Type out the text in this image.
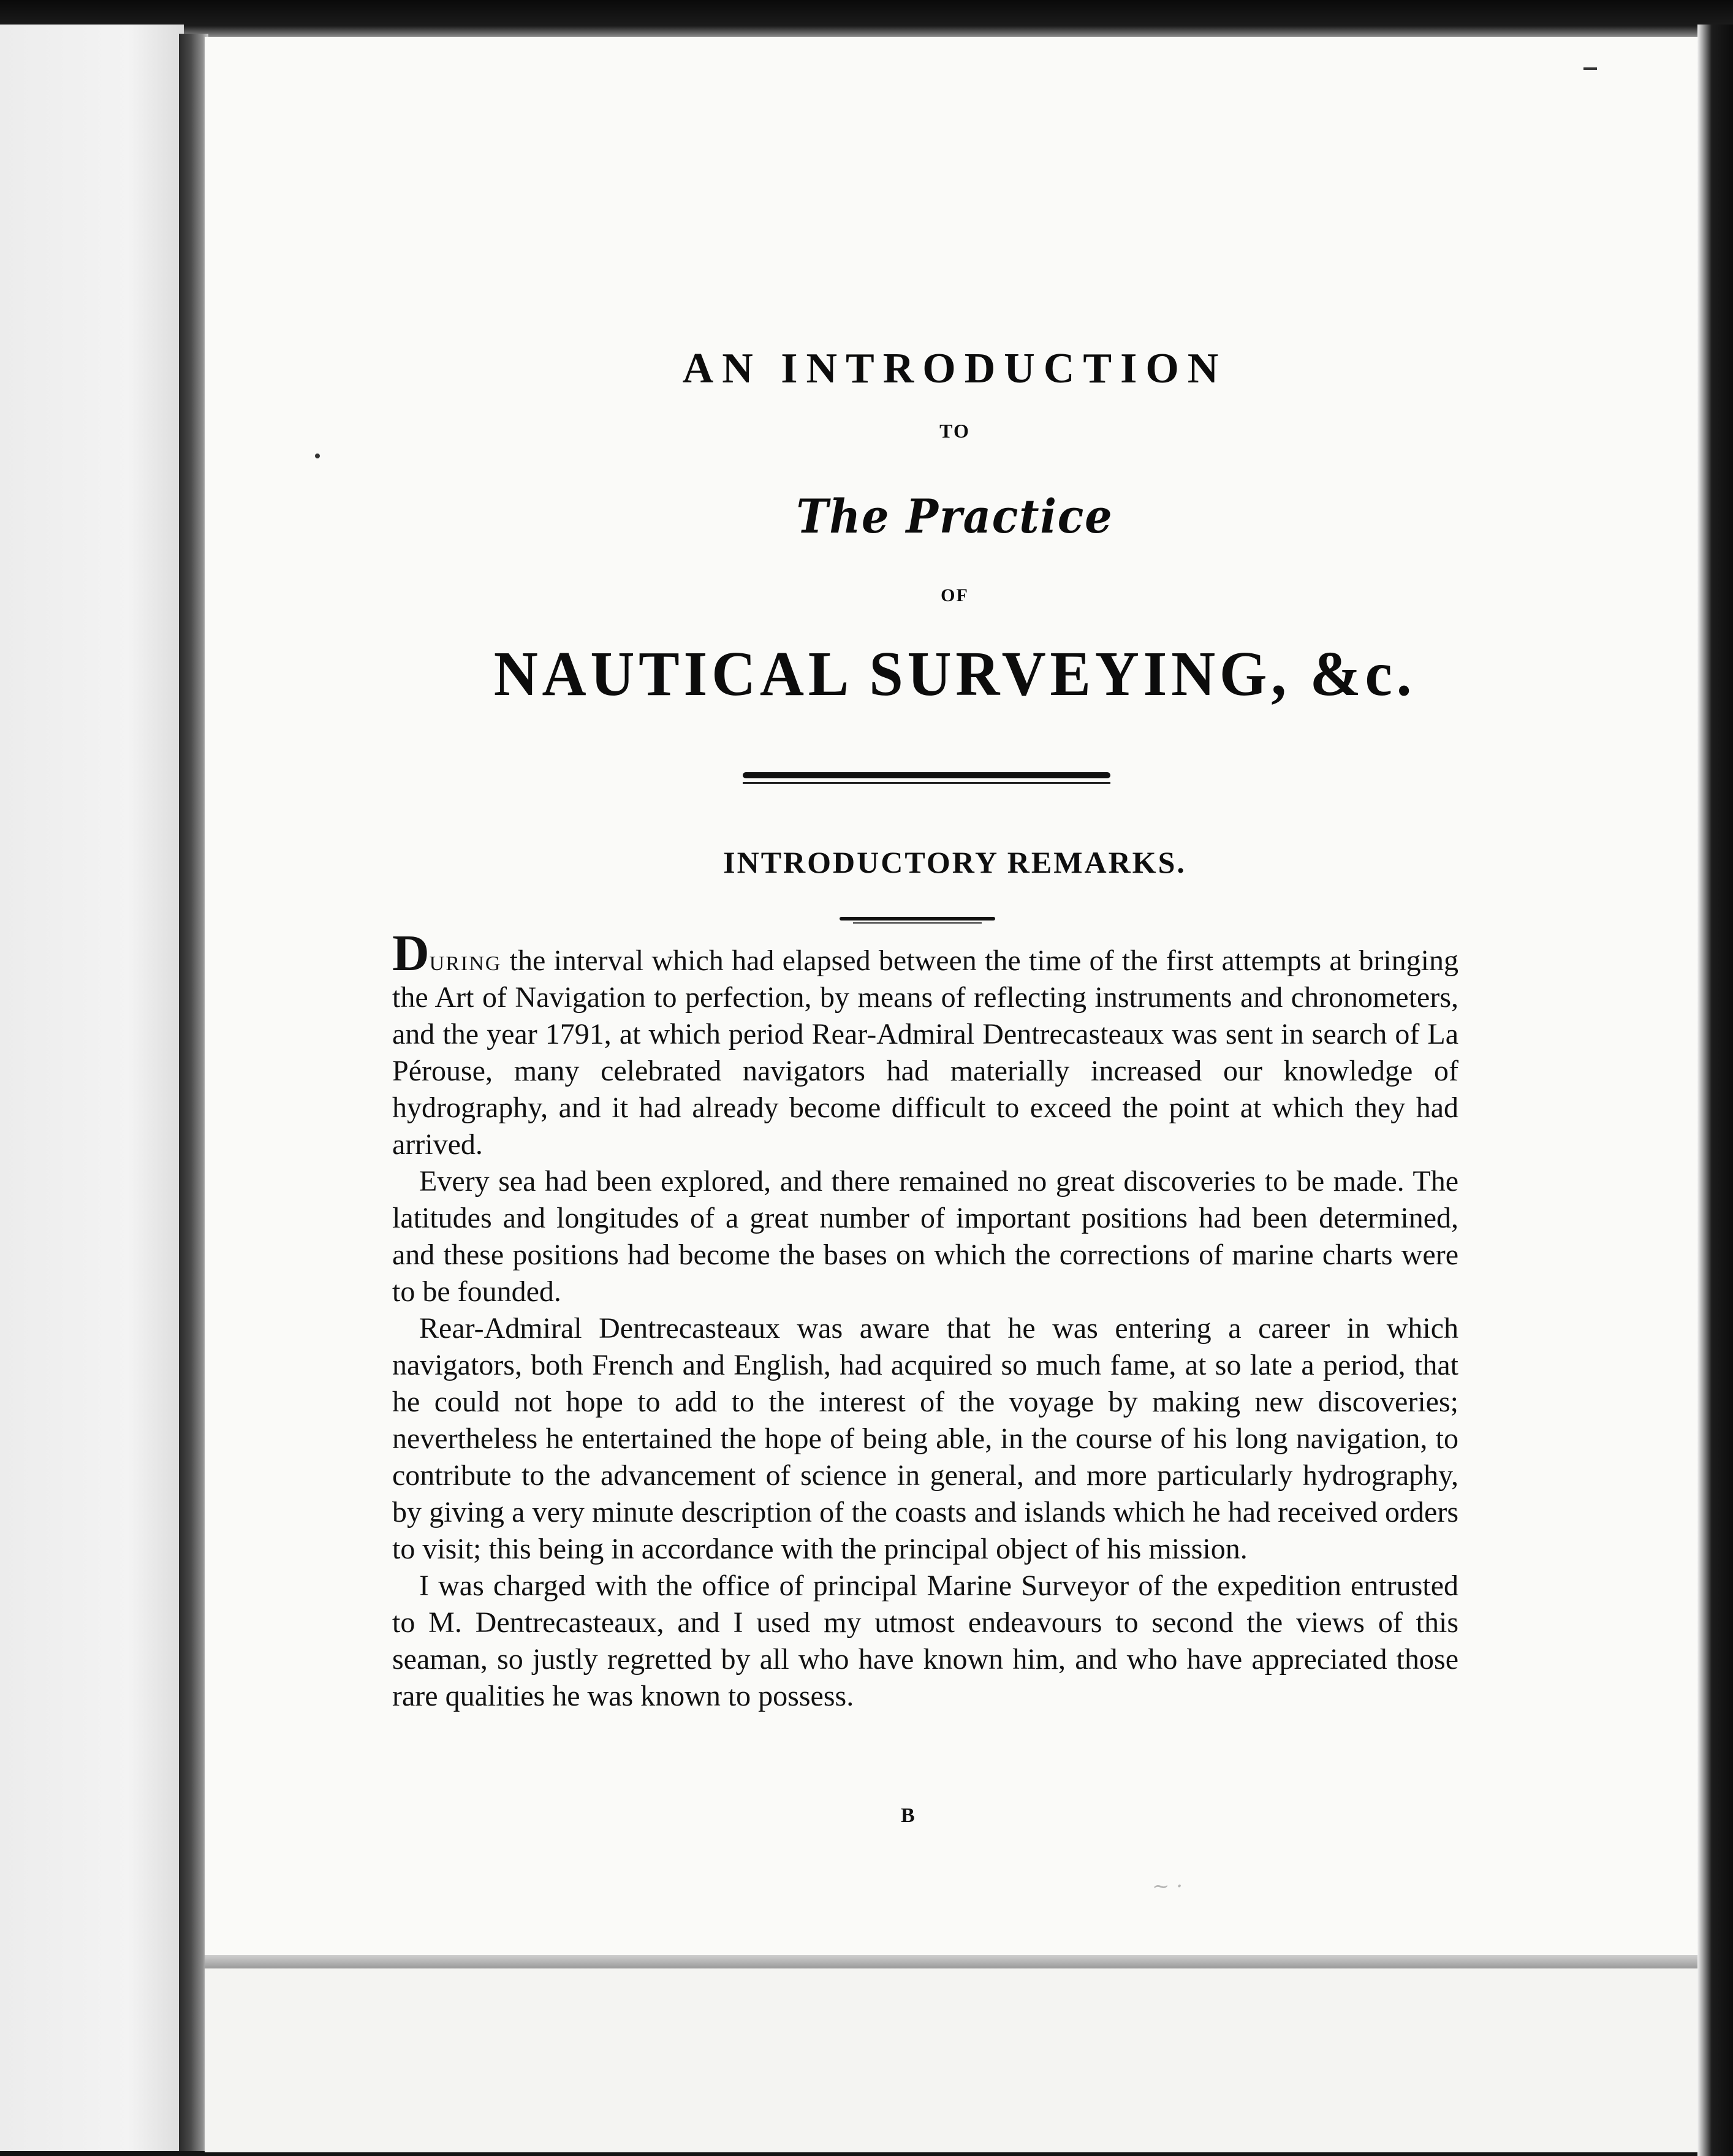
AN INTRODUCTION
TO
The Practice
OF
NAUTICAL SURVEYING, &c.
INTRODUCTORY REMARKS.

During the interval which had elapsed between the time of the first attempts at bringing the Art of Navigation to perfection, by means of reflecting instruments and chronometers, and the year 1791, at which period Rear-Admiral Dentrecasteaux was sent in search of La Pérouse, many celebrated navigators had materially increased our knowledge of hydrography, and it had already become difficult to exceed the point at which they had arrived.

Every sea had been explored, and there remained no great discoveries to be made. The latitudes and longitudes of a great number of important positions had been determined, and these positions had become the bases on which the corrections of marine charts were to be founded.

Rear-Admiral Dentrecasteaux was aware that he was entering a career in which navigators, both French and English, had acquired so much fame, at so late a period, that he could not hope to add to the interest of the voyage by making new discoveries; nevertheless he entertained the hope of being able, in the course of his long navigation, to contribute to the advancement of science in general, and more particularly hydrography, by giving a very minute description of the coasts and islands which he had received orders to visit; this being in accordance with the principal object of his mission.

I was charged with the office of principal Marine Surveyor of the expedition entrusted to M. Dentrecasteaux, and I used my utmost endeavours to second the views of this seaman, so justly regretted by all who have known him, and who have appreciated those rare qualities he was known to possess.

B
~ ·
